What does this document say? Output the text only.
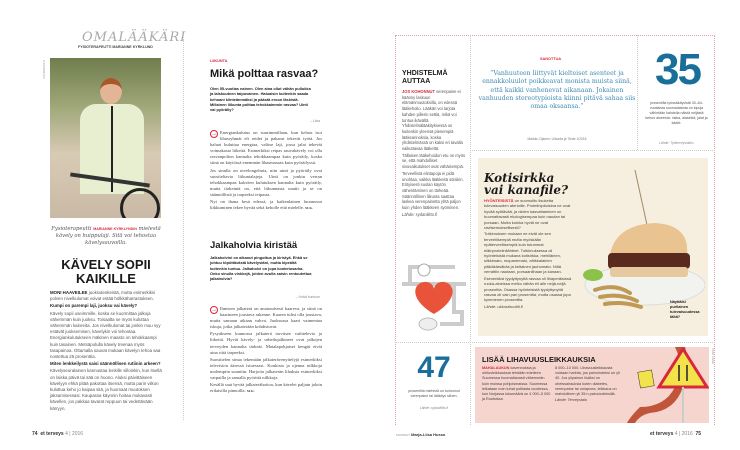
OMALÄÄKÄRI
FYSIOTERAPEUTTI MARIANNE KYRKLUND
PIA ARNOULD
Fysioterapeutti MARIANNE KYRKLYNDIN mielestä kävely on huippulaji. Sitä voi tehostaa kävelysauvoilla.
KÄVELY SOPII KAIKILLE

MONI HAAVEILEE juoksulenkeistä, mutta esimerkiksi polven nivelkulumat voivat estää hölkkäharrastuksen.

Kumpi on parempi laji, juoksu vai kävely?

Kävely sopii useimmille, koska se kuormittaa jalkoja vähemmän kuin juoksu. Toisaalta se myös kuluttaa vähemmän kaloreita. Jos nivelkulumat tai jonkin muu syy estävät juoksemisen, kävelykin voi tehostaa. Energiankulutukseen mäkinen maasto on tehokkaampi kuin tasainen. Metsäpolulla kävely treenaa myös tasapainoa. Ottamalla sauvat mukaan kävelyn tehoa saa nostettua 25 prosenttia.

Miten lenkkeilystä saisi säännöllisen rutiinin arkeen?

Kävelyseuralainen kannustaa lenkille silloinkin, kun itsellä on laiska päivä tai sää on huono. Aluksi päivittäiseen kävelyyn ehkä pitää pakottaa itsensä, mutta parin viikon kuluttua keho jo kaipaa sitä, ja huomaat muutoksen jaksamisessasi. Kaupassa käynnin hoitaa mukavasti kävellen, jos pakkaa tavarat reppuun tai vedettävään kärryyn.

74 et terveys 4 | 2016
LIIKUNTA
Mikä polttaa rasvaa?
Olen 55-vuotias nainen. Olen aina ollut vähän pullukka ja laiskuuteen taipuvainen. Haluaisin kuitenkin saada kehoani kiinteämmäksi ja päästä eroon läskistä. Millainen liikunta polttaa tehokkaimmin rasvaa? Uinti vai pyöräily?
– Liisa

→ Energiankulutus on suurimmillaan, kun kehon isot lihasryhmät eli reidet ja pakarat tekevät työtä. Jos haluat kuluttaa energiaa, valitse laji, jossa jalat tekevät voimakasta liikettä. Esimerkiksi reipas sauvakävely voi olla rasvanpolton kannalta tehokkaampaa kuin pyöräily, koska siinä on käytössä enemmän lihasmassaa kuin pyöräilyssä.

Jos sinulla on nivelongelmia, niin uinti ja pyöräily ovat suositeltavia liikuntalajeja. Uinti on jonkin verran tehokkaampaa kalorien kulutuksen kannalta kuin pyöräily, mutta tärkeintä on, että liikunnasta nautit ja se on säännöllistä ja tarpeeksi reipasta.

Nyt on ihana kesä edessä, ja kaikenlainen luonnossa liikkuminen tekee hyvää sekä keholle että mielelle. M.K.

Jalkaholvia kiristää
Jalkaholvini on alkanut pingottua ja kiristyä. Ehkä se johtuu töpöttävästä kävelystäni, mutta kipeältä kuitenkin tuntuu. Jalkaholvi on jopa kooketusarka. Onko sinulla vinkkejä, joiden avulla saisin rentoutettua jalkaholvia?
– Holvit kuntoon

→ Ihmisen jalkaterä on anatomisesti kaareva, ja siinä on kaarineen joustava rakenne. Kaaren tulisi olla joustava, mutta samaan aikaan vahva. Juoksussa kaari vaimentaa iskuja, jotka jalkaterään kohdistuvat.

Pysyäkseen kunnossa jalkaterä tarvitsee vaihtelevia ja liikettä. Hyvät kävely- ja urheilujalkineet ovat jalkojen terveyden kannalta tärkeät. Matalapohjaiset kengät eivät aina riitä tarpeeksi.

Suosittelen sinua tekemään jalkaterävenyttelyjä esimerkiksi television ääressä istuessasi. Koukista ja ojenna nilkkoja molempiin suuntiin. Harjoita jalkaterän lihaksia esimerkiksi varpailla ja samalla pyörittä nilkkoja.

Kesällä saat hyvää jalkaterähoitoa, kun kävelet paljain jaloin erilaisilla pinnoilla. M.K.

YHDISTELMÄ AUTTAA

JOS KOHONNUT verenpaine ei käänny laskuun elämänmuutoksilla, on edessä lääkehoito. Lääkäri voi tarjota kahden pillerin settiä, mikä voi tuntua ikävältä. Yhdistelmälääkityksessä on kuitenkin yleensä pienempiä lääkeannoksia, koska yhdistelmässä on kaksi eri tavalla vaikuttavaa lääkettä.

Tällaisen lääkehoidon etu on myös se, että mahdolliset sivuvaikutukset ovat vähäisempiä.

Terveellisiä elintapoja ei pidä unohtaa, vaikka lääkkeitä söisikin. Erityisesti suolan käytön vähentäminen on tärkeää. Säännöllinen liikunta saattaa laskea verenpainetta yhtä paljon kuin yhden lääkkeen syöminen.

Lähde: sydanliitto.fi

SANOTTUA
”Vanhuuteen liittyvät kielteiset asenteet ja ennakkoluulot poikkeavat monista muista siinä, että kaikki vanhenevat aikanaan. Jokainen vanhuuden stereotypioista kiinni pitävä sahaa siis omaa oksaansa.”
Markku Ojanen: Liikunta ja Tiede 1/2016
35
prosentilla työssäkäyvistä 30–64-vuotiaista suomalaisista on kipuja vähintään kahdella näistä neljästä kehon alueesta: niska, alaselkä, jalat ja kädet.
Lähde: Työterveyslaitos
Kotisirkka vai kanafile?

HYÖNTEISISTÄ on suomoiltu lisuketta tulevaisuuden aterioille. Proteiinipitoisina ne ovat hyvää syötävää, ja niiden kasvattaminen on huomattavasti ekologisempaa kuin naudan tai porsaan. Mutta kuinka hyviä ne ovat ravitsemuksellisesti?

Tutkimuksen mukaan ne eivät ole sen terveellisempiä mutta myöskään epäterveellisempiä kuin tutummat eläinproteiinilähteet. Tutkimuksessa oli hyönteisistä mukana kotisirkka, mehiläinen, silkkimato, mopanemato, afrikkalainen pälkäkärsäkäs ja keltainen jauhomato. Niitä verrattiin nautaan, porsaanlihaan ja kanaan.

Esimerkiksi tyydyttynyttä rasvaa oli lihaperäisissä ruoka-aineissa melko vähän eli alle neljä-neljä prosenttia. Osassa hyönteisistä tyydyttynyttä rasvaa oli vain pari prosenttia, mutta osassa jopa kymmenen prosenttia.

Lähde: ukkosthuoltti.fi

Näyttäisi purilainen tulevaisuudessa tältä?
47
prosentilla miehistä on kohonnut verenpaine tai lääkitys siihen.
Lähde: sydanliitto.fi
LISÄÄ LIHAVUUSLEIKKAUKSIA
MAHALAUKUN kavennuksia ja ohitusleikkauksia tehdään edelleen Suomessa huomattavasti vähemmän kuin muissa pohjoismaissa. Suomessa leikataan noin tuhat potilasta vuodessa, kun Norjassa lukumäärä on 4 000–5 000 ja Ruotsissa

8 000–10 000. Lihavuusleikkausta voidaan harkita, jos painoindeksi on yli 40. Jos ylipainon lisäksi on oheissairauksia kuten diabetes, verenpaine tai uniapnea, leikkaus on mahdollinen yli 35:n painoindeksillä.

Lähde: Terveystalo

PÄIVI LAINE
KOONNUT Marja-Liisa Husso	et terveys 4 | 2016 75
